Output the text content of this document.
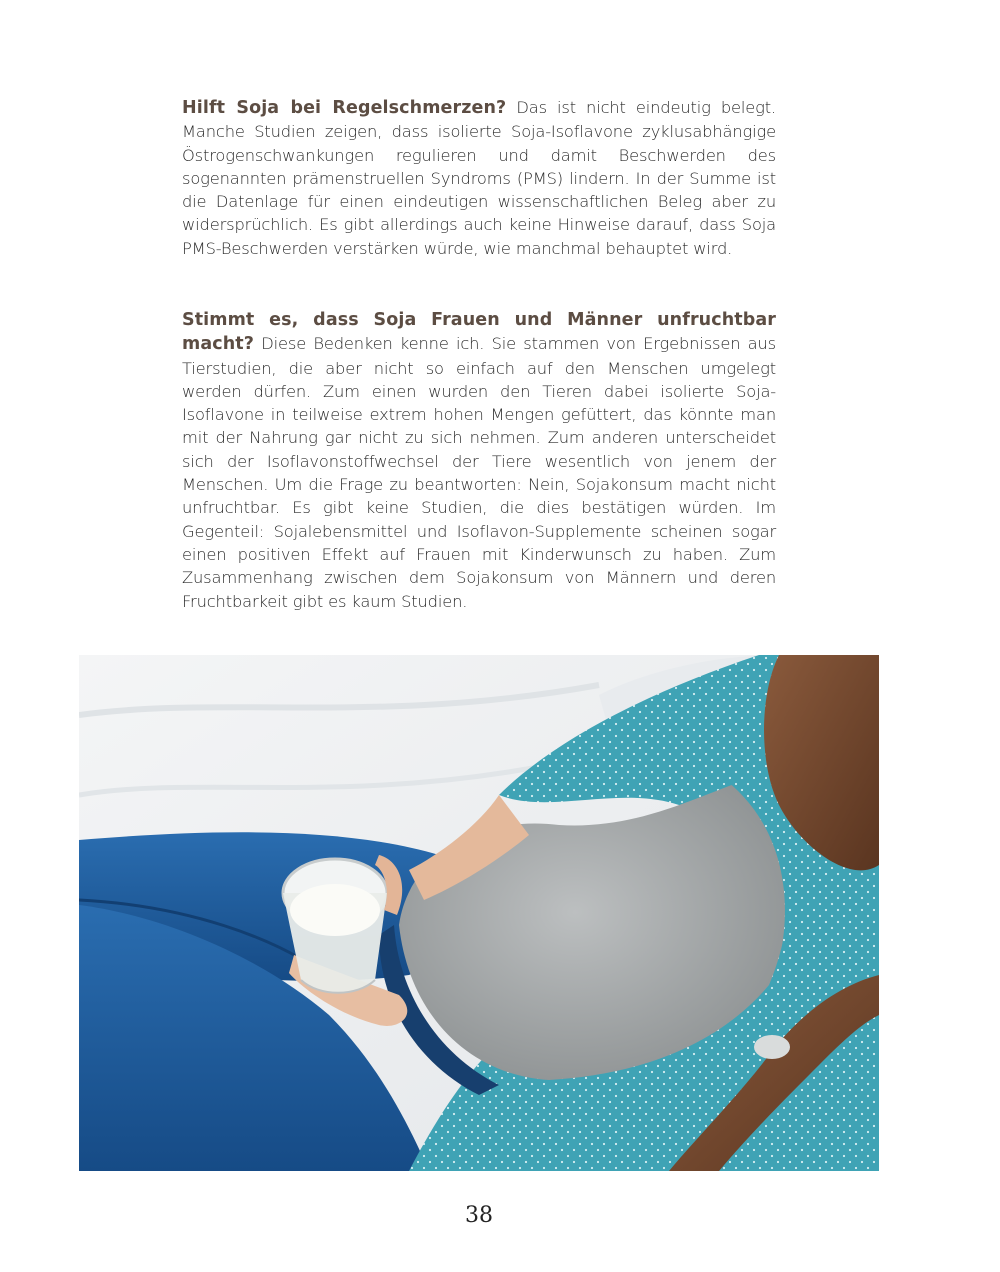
Hilft Soja bei Regelschmerzen? Das ist nicht eindeutig belegt. Manche Studien zeigen, dass isolierte Soja-Isoflavone zyklusabhängige Östrogenschwankungen regulieren und damit Beschwerden des sogenannten prämenstruellen Syndroms (PMS) lindern. In der Summe ist die Datenlage für einen eindeutigen wissenschaftlichen Beleg aber zu widersprüchlich. Es gibt allerdings auch keine Hinweise darauf, dass Soja PMS-Beschwerden verstärken würde, wie manchmal behauptet wird.

Stimmt es, dass Soja Frauen und Männer unfruchtbar macht? Diese Bedenken kenne ich. Sie stammen von Ergebnissen aus Tierstudien, die aber nicht so einfach auf den Menschen umgelegt werden dürfen. Zum einen wurden den Tieren dabei isolierte Soja-Isoflavone in teilweise extrem hohen Mengen gefüttert, das könnte man mit der Nahrung gar nicht zu sich nehmen. Zum anderen unterscheidet sich der Isoflavonstoffwechsel der Tiere wesentlich von jenem der Menschen. Um die Frage zu beantworten: Nein, Sojakonsum macht nicht unfruchtbar. Es gibt keine Studien, die dies bestätigen würden. Im Gegenteil: Sojalebensmittel und Isoflavon-Supplemente scheinen sogar einen positiven Effekt auf Frauen mit Kinderwunsch zu haben. Zum Zusammenhang zwischen dem Sojakonsum von Männern und deren Fruchtbarkeit gibt es kaum Studien.

38
